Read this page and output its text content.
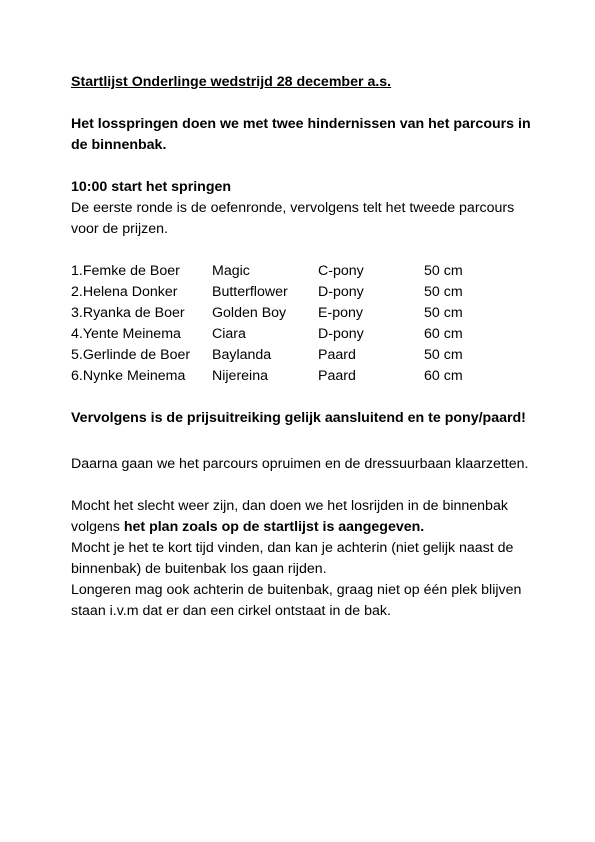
Startlijst Onderlinge wedstrijd 28 december a.s.

Het losspringen doen we met twee hindernissen van het parcours in de binnenbak.

10:00 start het springen

De eerste ronde is de oefenronde, vervolgens telt het tweede parcours voor de prijzen.

1.Femke de Boer	Magic	C-pony	50 cm
2.Helena Donker	Butterflower	D-pony	50 cm
3.Ryanka de Boer	Golden Boy	E-pony	50 cm
4.Yente Meinema	Ciara	D-pony	60 cm
5.Gerlinde de Boer	Baylanda	Paard	50 cm
6.Nynke Meinema	Nijereina	Paard	60 cm

Vervolgens is de prijsuitreiking gelijk aansluitend en te pony/paard!

Daarna gaan we het parcours opruimen en de dressuurbaan klaarzetten.

Mocht het slecht weer zijn, dan doen we het losrijden in de binnenbak volgens het plan zoals op de startlijst is aangegeven.

Mocht je het te kort tijd vinden, dan kan je achterin (niet gelijk naast de binnenbak) de buitenbak los gaan rijden.

Longeren mag ook achterin de buitenbak, graag niet op één plek blijven staan i.v.m dat er dan een cirkel ontstaat in de bak.
